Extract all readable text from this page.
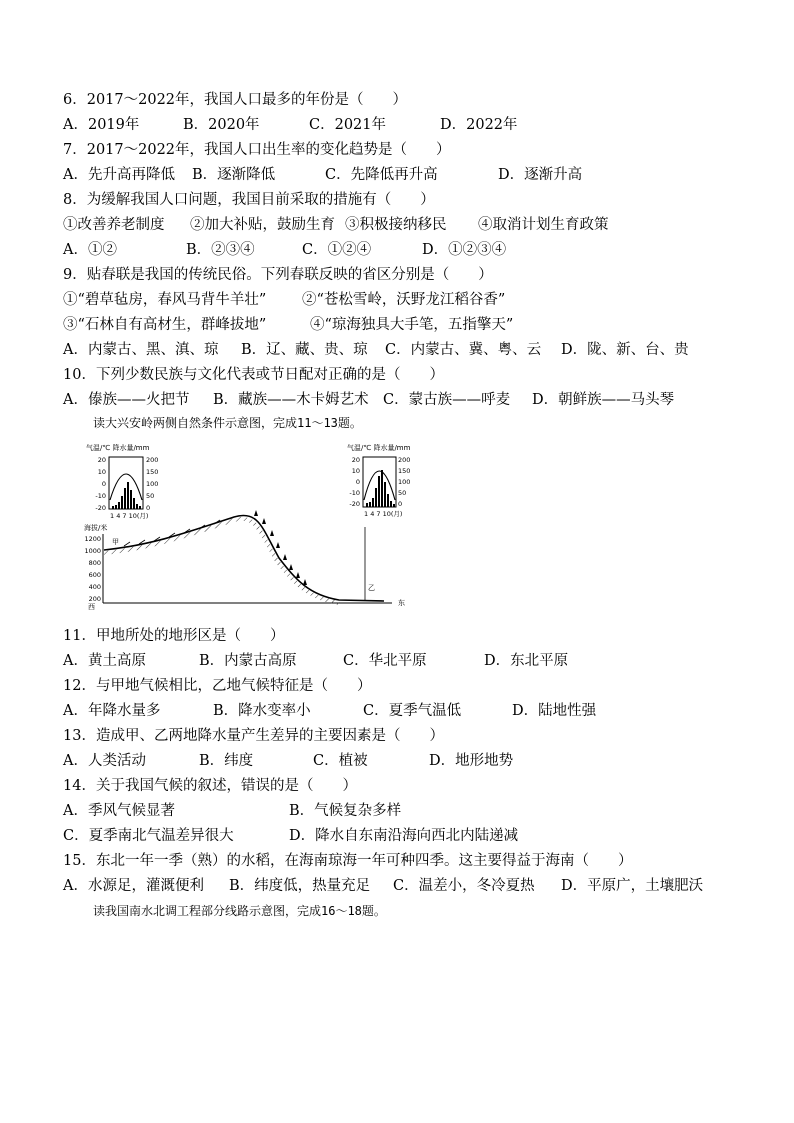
6．2017～2022年，我国人口最多的年份是（　　）
A．2019年	B．2020年	C．2021年	D．2022年
7．2017～2022年，我国人口出生率的变化趋势是（　　）
A．先升高再降低 B．逐渐降低	C．先降低再升高	D．逐渐升高
8．为缓解我国人口问题，我国目前采取的措施有（　　）
①改善养老制度 ②加大补贴，鼓励生育 ③积极接纳移民 ④取消计划生育政策
A．①②	B．②③④	C．①②④	D．①②③④
9．贴春联是我国的传统民俗。下列春联反映的省区分别是（　　）
①“碧草毡房，春风马背牛羊壮” ②“苍松雪岭，沃野龙江稻谷香”
③“石林自有高材生，群峰拔地”	④“琼海独具大手笔，五指擎天”
A．内蒙古、黑、滇、琼 B．辽、藏、贵、琼 C．内蒙古、冀、粤、云 D．陇、新、台、贵
10．下列少数民族与文化代表或节日配对正确的是（　　）
A．傣族——火把节 B．藏族——木卡姆艺术 C．蒙古族——呼麦 D．朝鲜族——马头琴
读大兴安岭两侧自然条件示意图，完成11～13题。
气温/℃ 降水量/mm
20
10
0
-10
-20
200
150
100
50
0
1 4 7 10(月)
海拔/米
1200
1000
800
600
400
200
西	东
甲
乙
气温/℃ 降水量/mm
20
10
0
-10
-20
200
150
100
50
0
1 4 7 10(月)
11．甲地所处的地形区是（　　）
A．黄土高原	B．内蒙古高原	C．华北平原	D．东北平原
12．与甲地气候相比，乙地气候特征是（　　）
A．年降水量多	B．降水变率小	C．夏季气温低	D．陆地性强
13．造成甲、乙两地降水量产生差异的主要因素是（　　）
A．人类活动	B．纬度	C．植被	D．地形地势
14．关于我国气候的叙述，错误的是（　　）
A．季风气候显著	B．气候复杂多样
C．夏季南北气温差异很大	D．降水自东南沿海向西北内陆递减
15．东北一年一季（熟）的水稻，在海南琼海一年可种四季。这主要得益于海南（　　）
A．水源足，灌溉便利 B．纬度低，热量充足 C．温差小，冬冷夏热 D．平原广，土壤肥沃
读我国南水北调工程部分线路示意图，完成16～18题。
